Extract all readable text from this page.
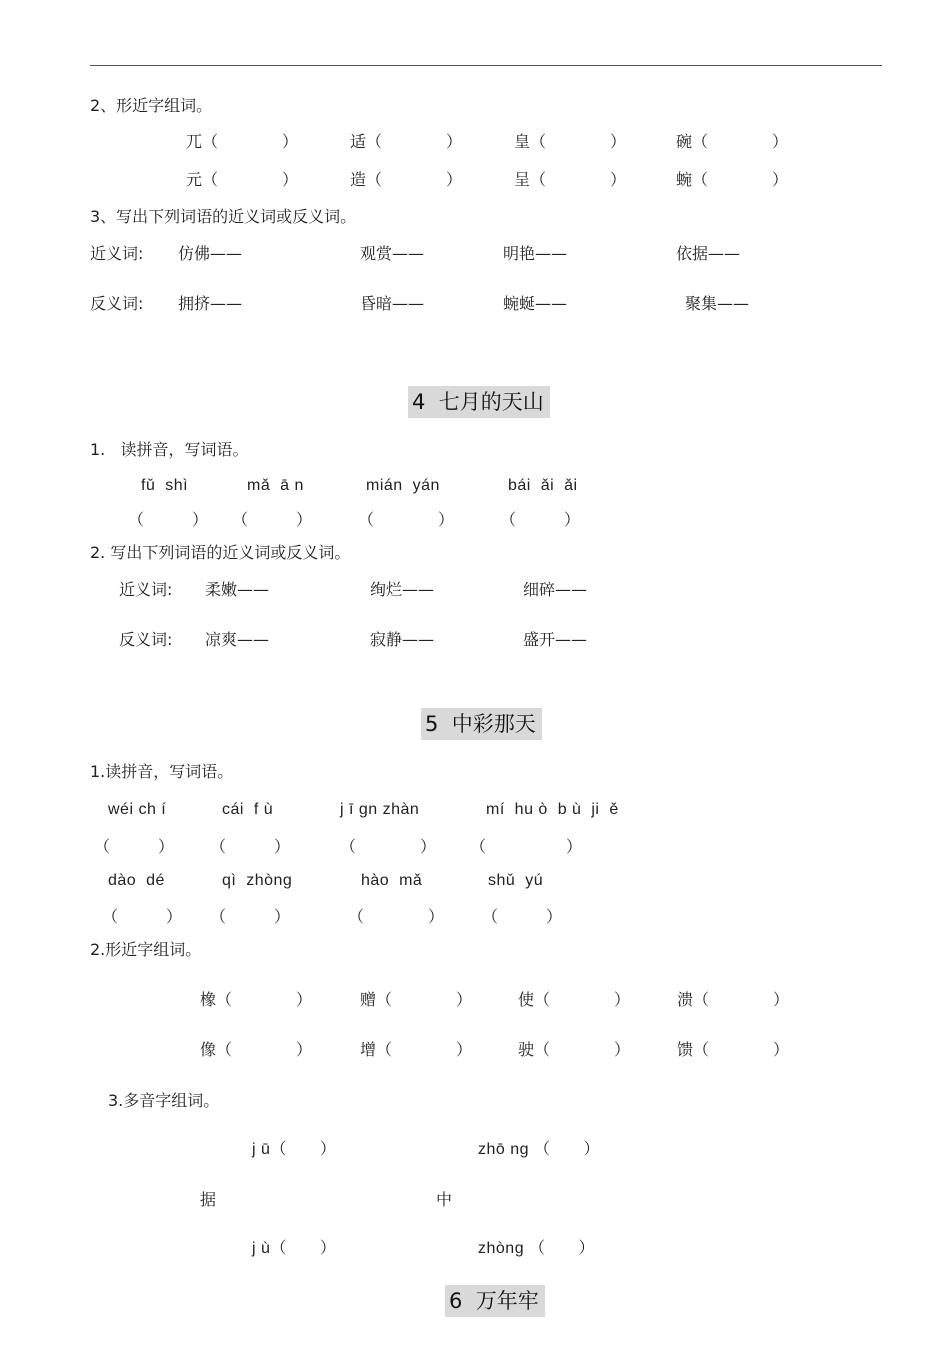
2、形近字组词。
兀（　　　　）	适（　　　　）	皇（　　　　）	碗（　　　　）
元（　　　　）	造（　　　　）	呈（　　　　）	蜿（　　　　）
3、写出下列词语的近义词或反义词。
近义词: 仿佛——	观赏——	明艳——	依据——
反义词: 拥挤——	昏暗——	蜿蜒——	聚集——
4  七月的天山
1.   读拼音，写词语。
fǔ  shì	mǎ  ā n	mián  yán	bái  ǎi  ǎi
（　　　） （　　　）	（　　　　）	（　　　）
2. 写出下列词语的近义词或反义词。
近义词: 柔嫩——	绚烂——	细碎——
反义词: 凉爽——	寂静——	盛开——
5  中彩那天
1.读拼音，写词语。
wéi ch í	cái  f ù	j ī gn zhàn	mí  hu ò  b ù  ji  ě
（　　　） （　　　）	（　　　　） （　　　　　）
dào  dé	qì  zhòng	hào  mǎ	shǔ  yú
（　　　） （　　　）	（　　　　） （　　　）
2.形近字组词。
橡（　　　　）	赠（　　　　）	使（　　　　）	溃（　　　　）
像（　　　　）	增（　　　　）	驶（　　　　）	馈（　　　　）
3.多音字组词。
j ū（　　）	zhō ng （　　）
据	中
j ù（　　）	zhòng （　　）
6  万年牢
